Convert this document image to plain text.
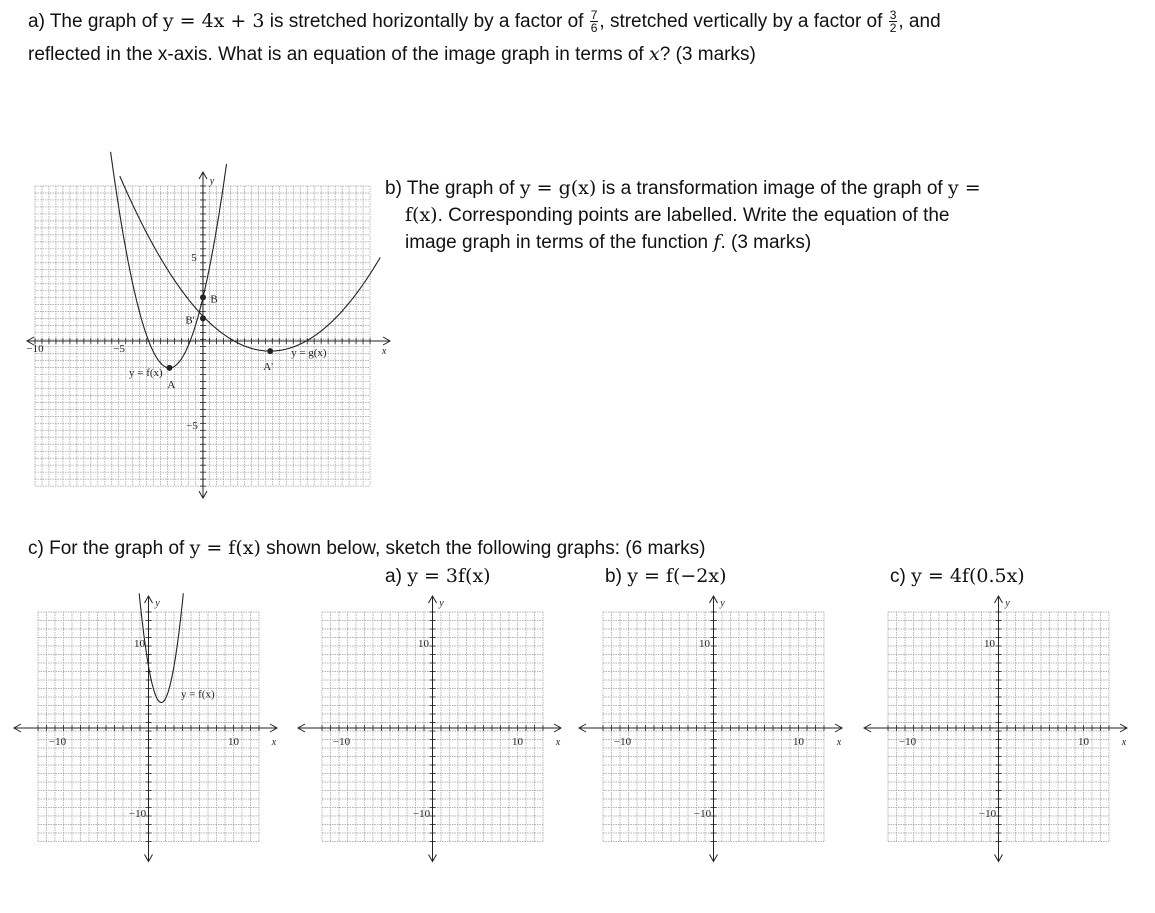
a) The graph of y = 4x + 3 is stretched horizontally by a factor of $\frac{7}{6}$ , stretched vertically by a factor of $\frac{3}{2}$ , and
reflected in the x-axis. What is an equation of the image graph in terms of x? (3 marks)
b) The graph of y = g(x) is a transformation image of the graph of y =
f(x). Corresponding points are labelled. Write the equation of the
image graph in terms of the function f. (3 marks)
c) For the graph of y = f(x) shown below, sketch the following graphs: (6 marks)
a) y = 3f(x)	b) y = f(−2x)	c) y = 4f(0.5x)
A
A'
B
B'
y = f(x)
y = g(x)
−10	−5
5
−5
x
y
−10	10
10
−10
x
y
y = f(x)
−10	10
10
−10
x
y
−10	10
10
−10
x
y
−10	10
10
−10
x
y
